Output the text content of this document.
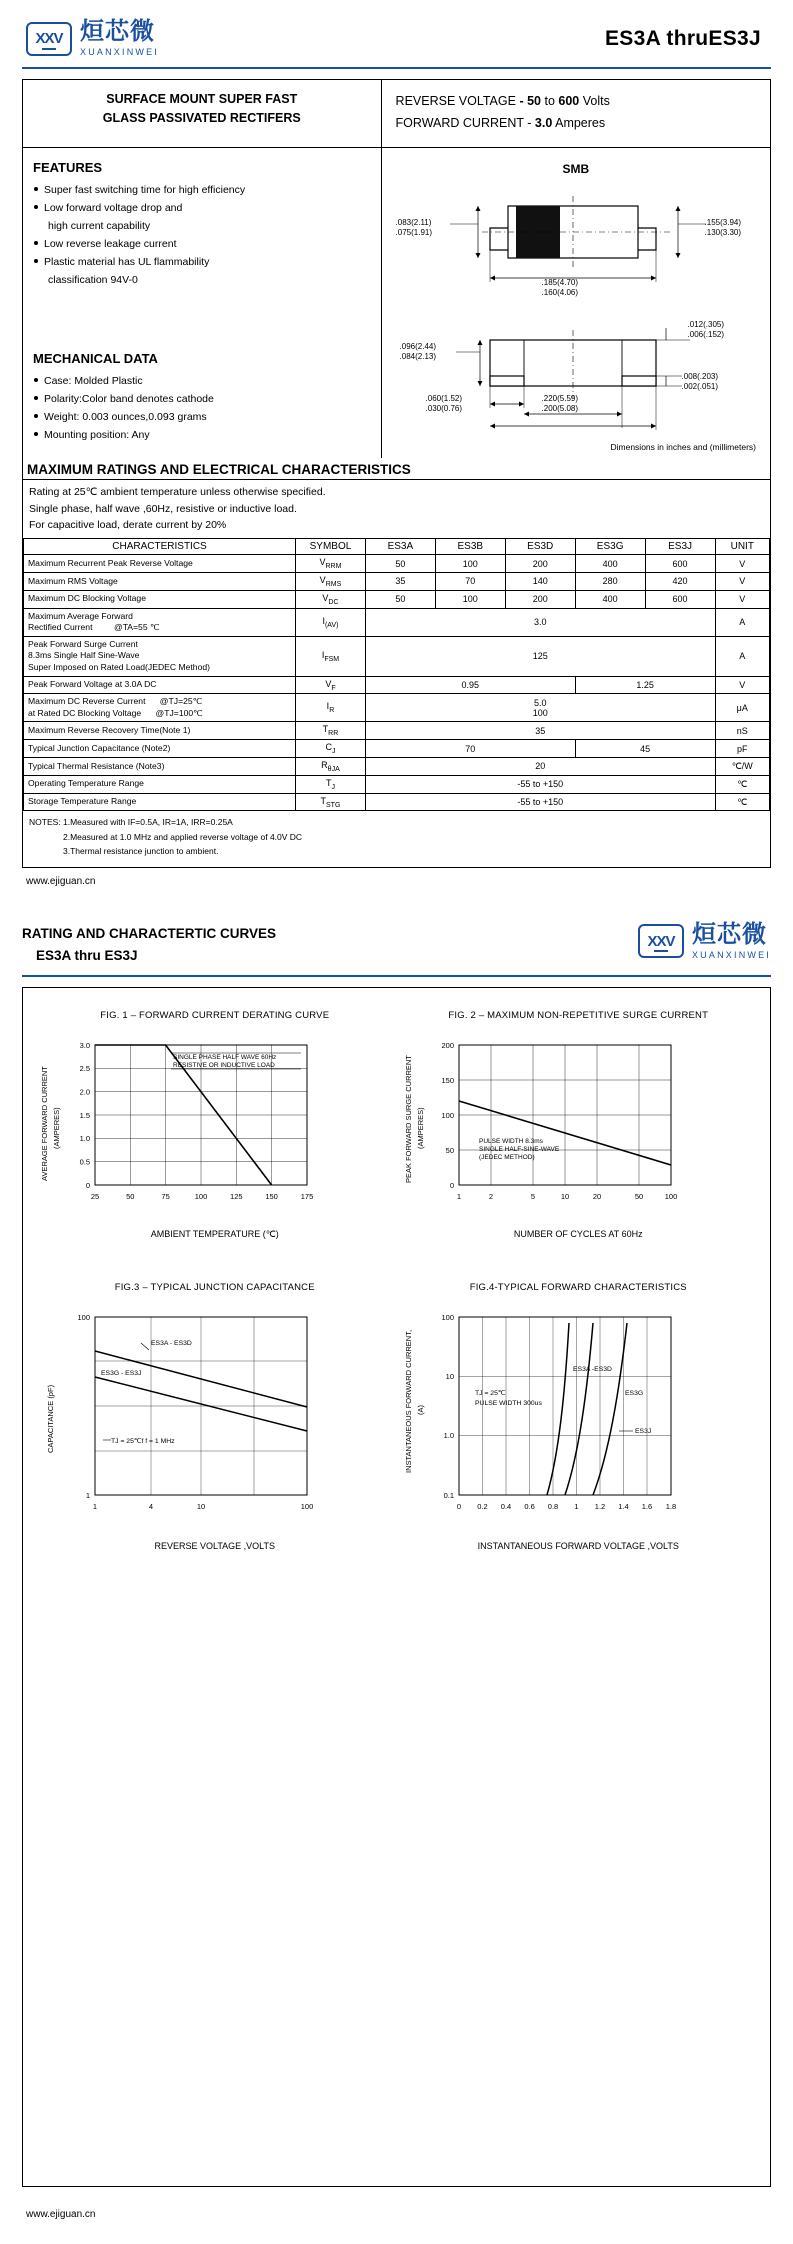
XXV 烜芯微
XUANXINWEI
ES3A thruES3J
SURFACE MOUNT SUPER FAST
GLASS PASSIVATED RECTIFERS
REVERSE VOLTAGE - 50 to 600 Volts
FORWARD CURRENT - 3.0 Amperes
FEATURES
Super fast switching time for high efficiency
Low forward voltage drop and
high current capability
Low reverse leakage current
Plastic material has UL flammability
classification 94V-0
MECHANICAL DATA
Case: Molded Plastic
Polarity:Color band denotes cathode
Weight: 0.003 ounces,0.093 grams
Mounting position: Any
SMB
.083(2.11)
.075(1.91)
.155(3.94)
.130(3.30)
.185(4.70)
.160(4.06)
.096(2.44)
.084(2.13)
.012(.305)
.006(.152)
.008(.203)
.002(.051)
.060(1.52)
.030(0.76)
.220(5.59)
.200(5.08)
Dimensions in inches and (millimeters)
MAXIMUM RATINGS AND ELECTRICAL CHARACTERISTICS
Rating at 25℃ ambient temperature unless otherwise specified.
Single phase, half wave ,60Hz, resistive or inductive load.
For capacitive load, derate current by 20%
CHARACTERISTICS	SYMBOL	ES3A	ES3B	ES3D	ES3G	ES3J	UNIT
Maximum Recurrent Peak Reverse Voltage	$V_{RRM}$	50	100	200	400	600	V
Maximum RMS Voltage	$V_{RMS}$	35	70	140	280	420	V
Maximum DC Blocking Voltage	$V_{DC}$	50	100	200	400	600	V
Maximum Average Forward
Rectified Current         @TA=55 ℃	$I_{(AV)}$	3.0					A
Peak Forward Surge Current
8.3ms Single Half Sine-Wave
Super Imposed on Rated Load(JEDEC Method)	$I_{FSM}$	125					A
Peak Forward Voltage at 3.0A DC	$V_F$	0.95			1.25		V
Maximum DC Reverse Current      @TJ=25℃
at Rated DC Blocking Voltage      @TJ=100℃	$I_R$	5.0
100					μA
Maximum Reverse Recovery Time(Note 1)	$T_{RR}$	35					nS
Typical Junction Capacitance (Note2)	$C_J$	70			45		pF
Typical Thermal Resistance (Note3)	$R_{\theta JA}$	20					℃/W
Operating Temperature Range	$T_J$	-55 to +150					℃
Storage Temperature Range	$T_{STG}$	-55 to +150					℃
NOTES: 1.Measured with IF=0.5A, IR=1A, IRR=0.25A
2.Measured at 1.0 MHz and applied reverse voltage of 4.0V DC
3.Thermal resistance junction to ambient.
www.ejiguan.cn
RATING AND CHARACTERTIC CURVES
ES3A thru ES3J
XXV 烜芯微
XUANXINWEI
FIG. 1 – FORWARD CURRENT DERATING CURVE
AVERAGE FORWARD CURRENT (AMPERES)
SINGLE PHASE HALF WAVE 60Hz
RESISTIVE OR INDUCTIVE LOAD
3.0
2.5
2.0
1.5
1.0
0.5
0
25	50	75	100	125	150	175
AMBIENT TEMPERATURE (℃)
FIG. 2 – MAXIMUM NON-REPETITIVE SURGE CURRENT
PEAK FORWARD SURGE CURRENT (AMPERES)	PULSE WIDTH 8.3ms
SINGLE HALF-SINE-WAVE
(JEDEC METHOD)
200
150
100
50
0
1	2	5	10	20	50	100
NUMBER OF CYCLES AT 60Hz
FIG.3 – TYPICAL JUNCTION CAPACITANCE
CAPACITANCE (pF)
ES3A - ES3D
ES3G - ES3J
TJ = 25℃f f = 1 MHz
100
1
1	4	10	100
REVERSE VOLTAGE ,VOLTS
FIG.4-TYPICAL FORWARD CHARACTERISTICS
INSTANTANEOUS FORWARD CURRENT, (A)
ES3A -ES3D
ES3G
ES3J
TJ = 25℃
PULSE WIDTH 300us
100
10
1.0
0.1
0 0.2 0.4 0.6 0.8 1 1.2 1.4 1.6 1.8
INSTANTANEOUS FORWARD VOLTAGE ,VOLTS
www.ejiguan.cn
